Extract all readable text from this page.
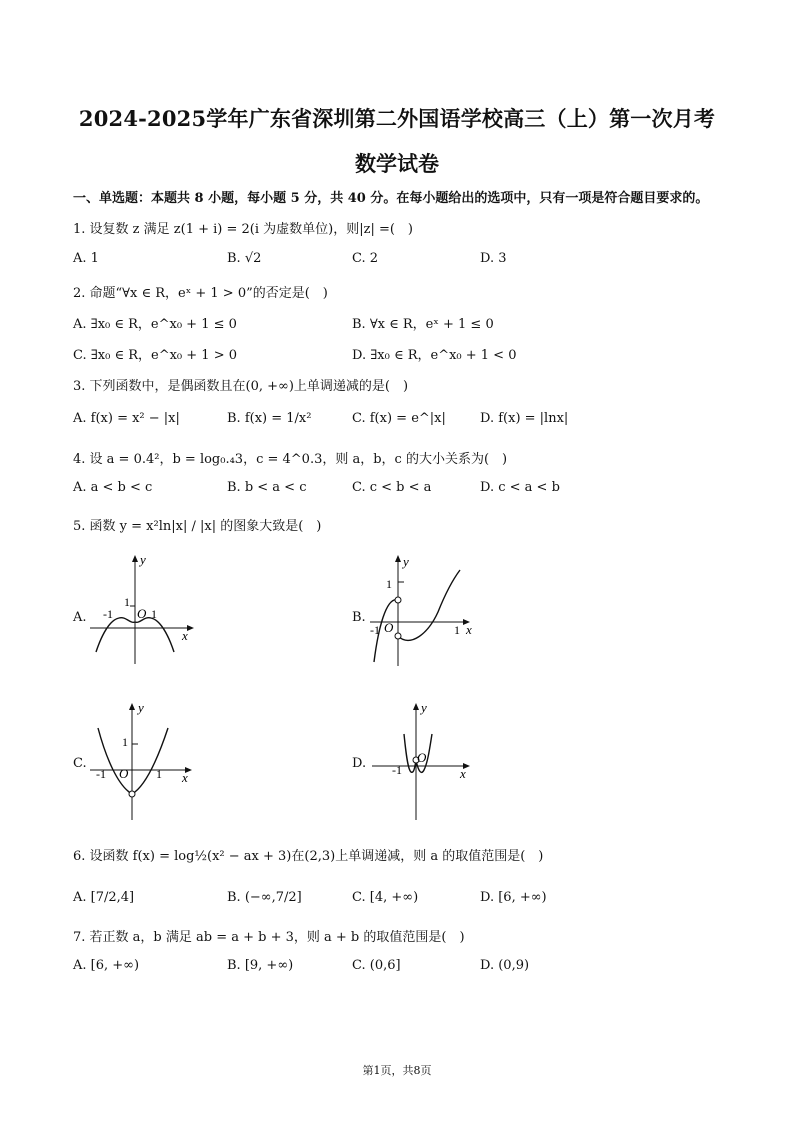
2024-2025学年广东省深圳第二外国语学校高三（上）第一次月考
数学试卷
一、单选题：本题共 8 小题，每小题 5 分，共 40 分。在每小题给出的选项中，只有一项是符合题目要求的。
1. 设复数 z 满足 z(1 + i) = 2(i 为虚数单位)，则|z| =(　)
A. 1	B. √2	C. 2	D. 3
2. 命题“∀x ∈ R，eˣ + 1 > 0”的否定是(　)
A. ∃x₀ ∈ R，e^x₀ + 1 ≤ 0	B. ∀x ∈ R，eˣ + 1 ≤ 0
C. ∃x₀ ∈ R，e^x₀ + 1 > 0	D. ∃x₀ ∈ R，e^x₀ + 1 < 0
3. 下列函数中，是偶函数且在(0, +∞)上单调递减的是(　)
A. f(x) = x² − |x|	B. f(x) = 1/x²	C. f(x) = e^|x|	D. f(x) = |lnx|
4. 设 a = 0.4²，b = log₀.₄3，c = 4^0.3，则 a，b，c 的大小关系为(　)
A. a < b < c	B. b < a < c	C. c < b < a	D. c < a < b
5. 函数 y = x²ln|x| / |x| 的图象大致是(　)
A.	B.
C.	D.
y
x
1
-1 O 1
y
x
1
-1 O	1
y
x
1
-1 O 1
y
x
-1
O
6. 设函数 f(x) = log½(x² − ax + 3)在(2,3)上单调递减，则 a 的取值范围是(　)
A. [7/2,4]	B. (−∞,7/2]	C. [4, +∞)	D. [6, +∞)
7. 若正数 a，b 满足 ab = a + b + 3，则 a + b 的取值范围是(　)
A. [6, +∞)	B. [9, +∞)	C. (0,6]	D. (0,9)
第1页，共8页
